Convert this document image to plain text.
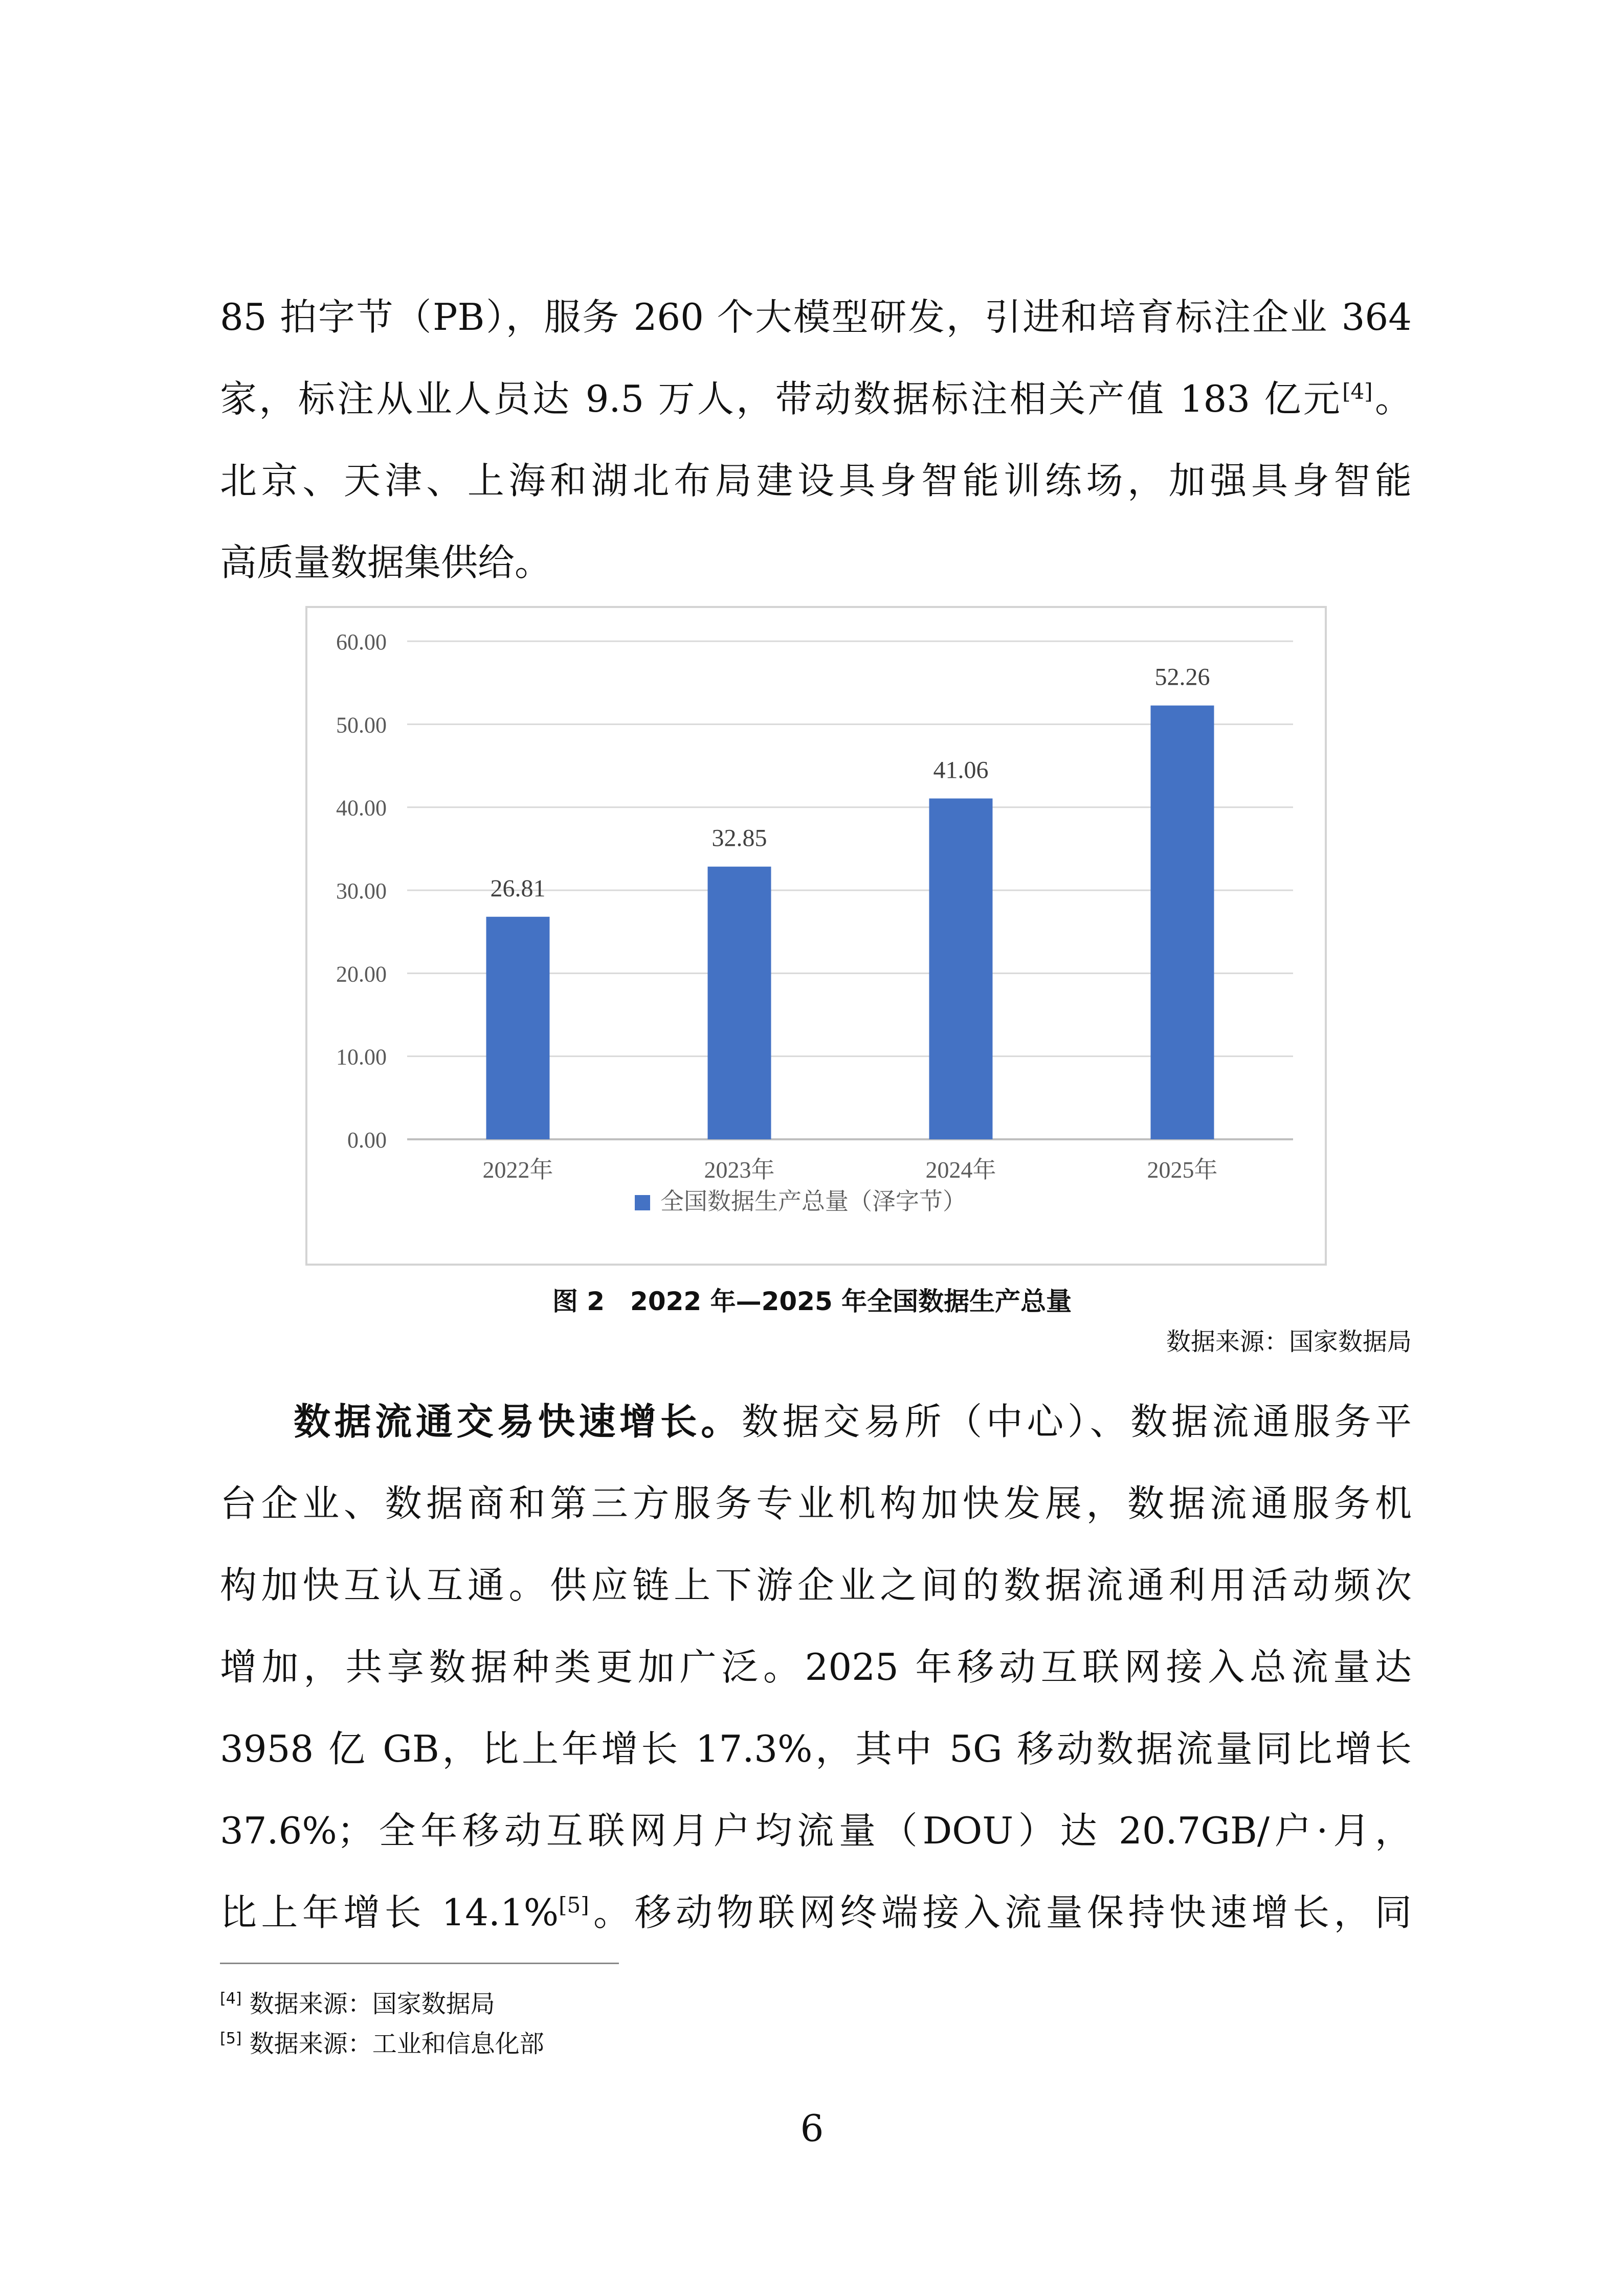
85 拍字节（PB），服务 260 个大模型研发，引进和培育标注企业 364
家，标注从业人员达 9.5 万人，带动数据标注相关产值 183 亿元[4]。
北京、天津、上海和湖北布局建设具身智能训练场，加强具身智能
高质量数据集供给。
0.00
10.00
20.00
30.00
40.00
50.00
60.00
26.81
2022年
32.85
2023年
41.06
2024年
52.26
2025年
全国数据生产总量（泽字节）
图 2　2022 年—2025 年全国数据生产总量
数据来源：国家数据局
数据流通交易快速增长。数据交易所（中心）、数据流通服务平
台企业、数据商和第三方服务专业机构加快发展，数据流通服务机
构加快互认互通。供应链上下游企业之间的数据流通利用活动频次
增加，共享数据种类更加广泛。2025 年移动互联网接入总流量达
3958 亿 GB，比上年增长 17.3%，其中 5G 移动数据流量同比增长
37.6%；全年移动互联网月户均流量（DOU）达 20.7GB/户·月，
比上年增长 14.1%[5]。移动物联网终端接入流量保持快速增长，同
[4] 数据来源：国家数据局
[5] 数据来源：工业和信息化部
6
